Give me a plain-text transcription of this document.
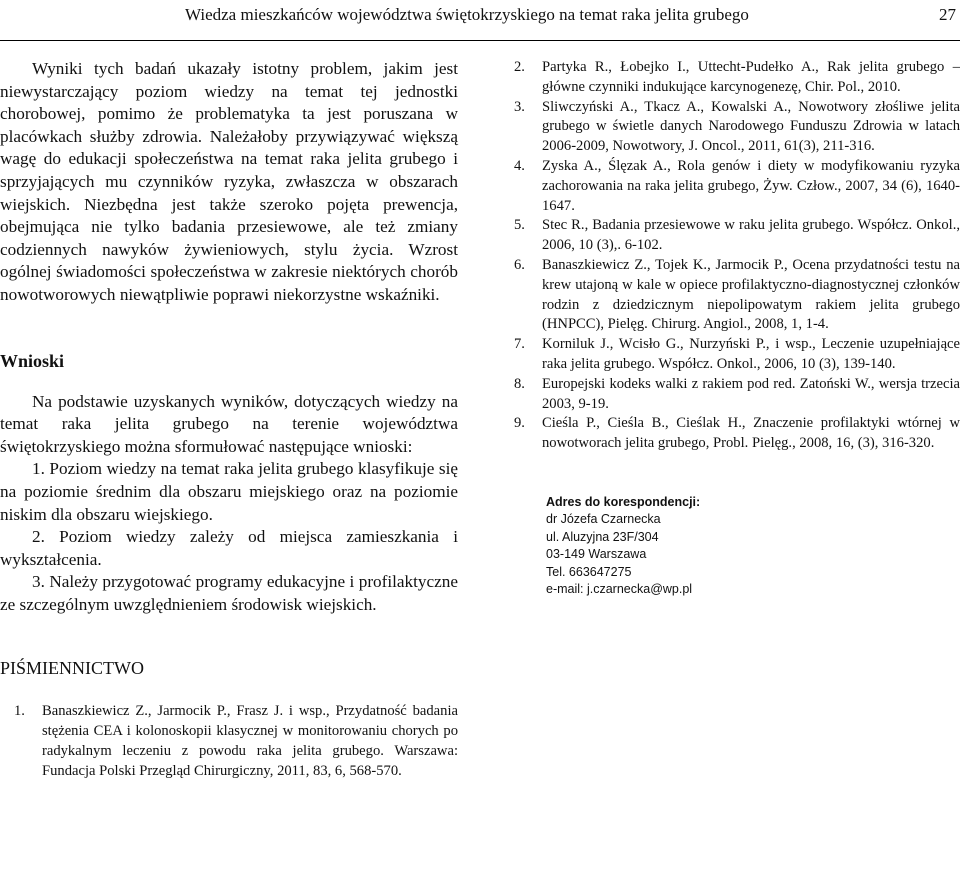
Wiedza mieszkańców województwa świętokrzyskiego na temat raka jelita grubego	27

Wyniki tych badań ukazały istotny problem, jakim jest niewystarczający poziom wiedzy na temat tej jednostki chorobowej, pomimo że problematyka ta jest poruszana w placówkach służby zdrowia. Należałoby przywiązywać większą wagę do edukacji społeczeństwa na temat raka jelita grubego i sprzyjających mu czynników ryzyka, zwłaszcza w obszarach wiejskich. Niezbędna jest także szeroko pojęta prewencja, obejmująca nie tylko badania przesiewowe, ale też zmiany codziennych nawyków żywieniowych, stylu życia. Wzrost ogólnej świadomości społeczeństwa w zakresie niektórych chorób nowotworowych niewątpliwie poprawi niekorzystne wskaźniki.

Wnioski

Na podstawie uzyskanych wyników, dotyczących wiedzy na temat raka jelita grubego na terenie województwa świętokrzyskiego można sformułować następujące wnioski:

1. Poziom wiedzy na temat raka jelita grubego klasyfikuje się na poziomie średnim dla obszaru miejskiego oraz na poziomie niskim dla obszaru wiejskiego.

2. Poziom wiedzy zależy od miejsca zamieszkania i wykształcenia.

3. Należy przygotować programy edukacyjne i profilaktyczne ze szczególnym uwzględnieniem środowisk wiejskich.

PIŚMIENNICTWO
1.	Banaszkiewicz Z., Jarmocik P., Frasz J. i wsp., Przydatność badania stężenia CEA i kolonoskopii klasycznej w monitorowaniu chorych po radykalnym leczeniu z powodu raka jelita grubego. Warszawa: Fundacja Polski Przegląd Chirurgiczny, 2011, 83, 6, 568-570.
2.	Partyka R., Łobejko I., Uttecht-Pudełko A., Rak jelita grubego – główne czynniki indukujące karcynogenezę, Chir. Pol., 2010.
3.	Sliwczyński A., Tkacz A., Kowalski A., Nowotwory złośliwe jelita grubego w świetle danych Narodowego Funduszu Zdrowia w latach 2006-2009, Nowotwory, J. Oncol., 2011, 61(3), 211-316.
4.	Zyska A., Ślęzak A., Rola genów i diety w modyfikowaniu ryzyka zachorowania na raka jelita grubego, Żyw. Człow., 2007, 34 (6), 1640-1647.
5.	Stec R., Badania przesiewowe w raku jelita grubego. Współcz. Onkol., 2006, 10 (3),. 6-102.
6.	Banaszkiewicz Z., Tojek K., Jarmocik P., Ocena przydatności testu na krew utajoną w kale w opiece profilaktyczno-diagnostycznej członków rodzin z dziedzicznym niepolipowatym rakiem jelita grubego (HNPCC), Pielęg. Chirurg. Angiol., 2008, 1, 1-4.
7.	Korniluk J., Wcisło G., Nurzyński P., i wsp., Leczenie uzupełniające raka jelita grubego. Współcz. Onkol., 2006, 10 (3), 139-140.
8.	Europejski kodeks walki z rakiem pod red. Zatoński W., wersja trzecia 2003, 9-19.
9.	Cieśla P., Cieśla B., Cieślak H., Znaczenie profilaktyki wtórnej w nowotworach jelita grubego, Probl. Pielęg., 2008, 16, (3), 316-320.
Adres do korespondencji:
dr Józefa Czarnecka
ul. Aluzyjna 23F/304
03-149 Warszawa
Tel. 663647275
e-mail: j.czarnecka@wp.pl
